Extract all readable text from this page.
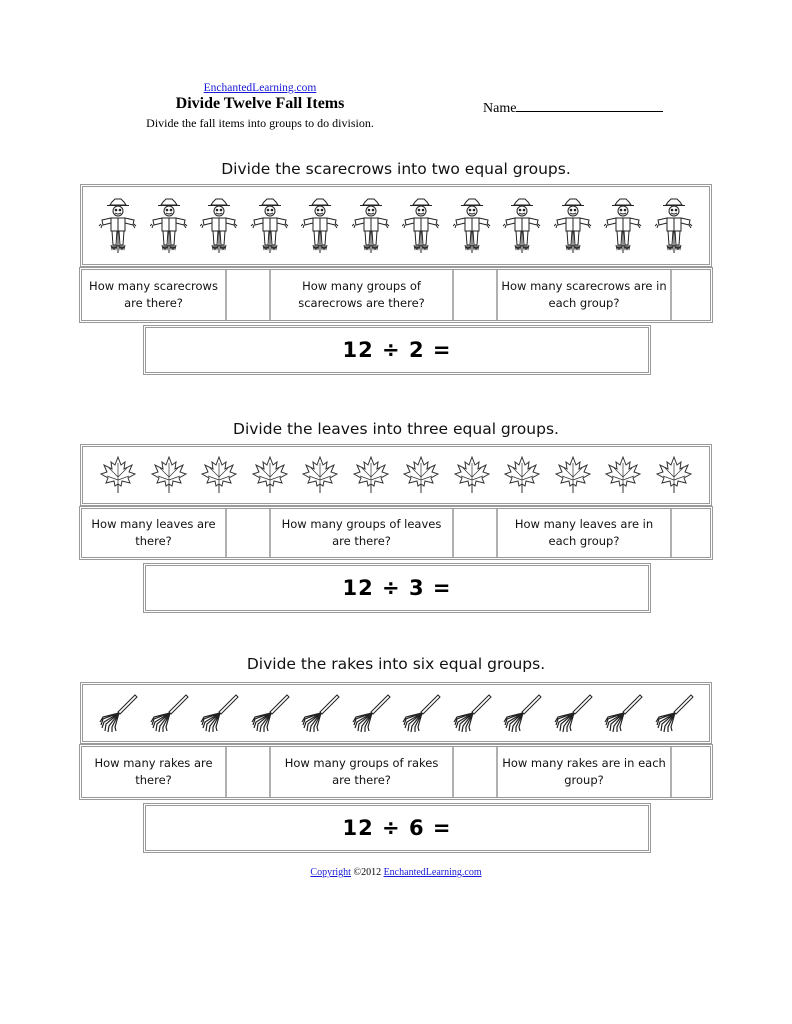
EnchantedLearning.com
Divide Twelve Fall Items
Divide the fall items into groups to do division.
Name
Divide the scarecrows into two equal groups.
How many scarecrows are there?
How many groups of scarecrows are there?
How many scarecrows are in each group?
12 ÷ 2 =
Divide the leaves into three equal groups.
How many leaves are there?
How many groups of leaves are there?
How many leaves are in each group?
12 ÷ 3 =
Divide the rakes into six equal groups.
How many rakes are there?
How many groups of rakes are there?
How many rakes are in each group?
12 ÷ 6 =
Copyright ©2012 EnchantedLearning.com
